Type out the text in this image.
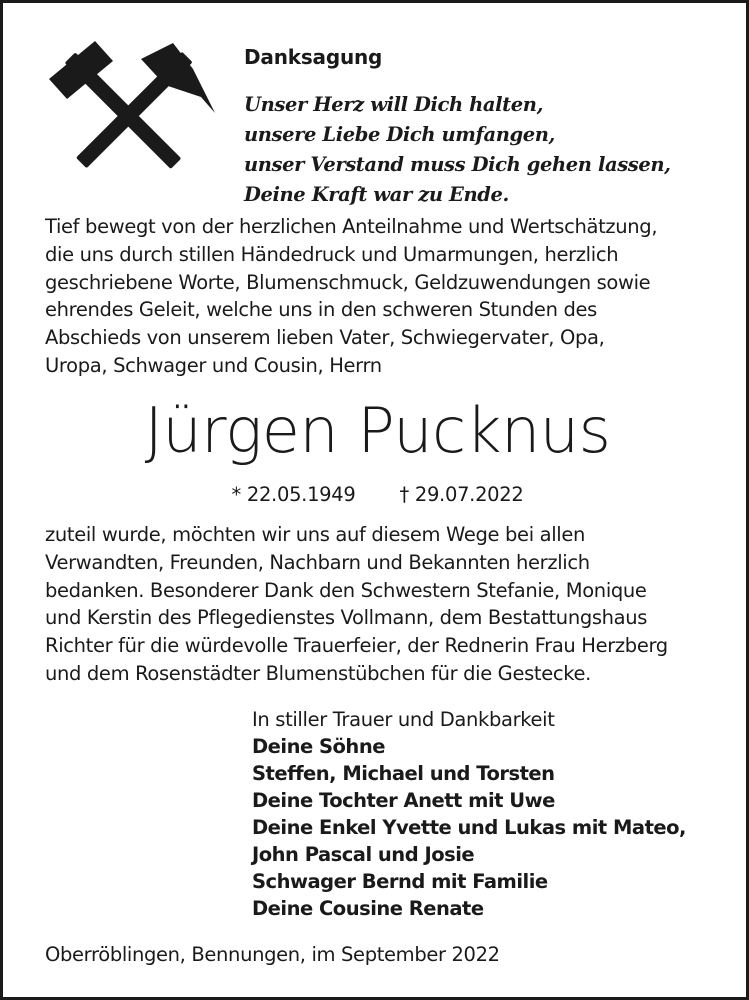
Danksagung
Unser Herz will Dich halten,
unsere Liebe Dich umfangen,
unser Verstand muss Dich gehen lassen,
Deine Kraft war zu Ende.
Tief bewegt von der herzlichen Anteilnahme und Wertschätzung,
die uns durch stillen Händedruck und Umarmungen, herzlich
geschriebene Worte, Blumenschmuck, Geldzuwendungen sowie
ehrendes Geleit, welche uns in den schweren Stunden des
Abschieds von unserem lieben Vater, Schwiegervater, Opa,
Uropa, Schwager und Cousin, Herrn
Jürgen Pucknus
* 22.05.1949 † 29.07.2022
zuteil wurde, möchten wir uns auf diesem Wege bei allen
Verwandten, Freunden, Nachbarn und Bekannten herzlich
bedanken. Besonderer Dank den Schwestern Stefanie, Monique
und Kerstin des Pflegedienstes Vollmann, dem Bestattungshaus
Richter für die würdevolle Trauerfeier, der Rednerin Frau Herzberg
und dem Rosenstädter Blumenstübchen für die Gestecke.
In stiller Trauer und Dankbarkeit
Deine Söhne
Steffen, Michael und Torsten
Deine Tochter Anett mit Uwe
Deine Enkel Yvette und Lukas mit Mateo,
John Pascal und Josie
Schwager Bernd mit Familie
Deine Cousine Renate
Oberröblingen, Bennungen, im September 2022
